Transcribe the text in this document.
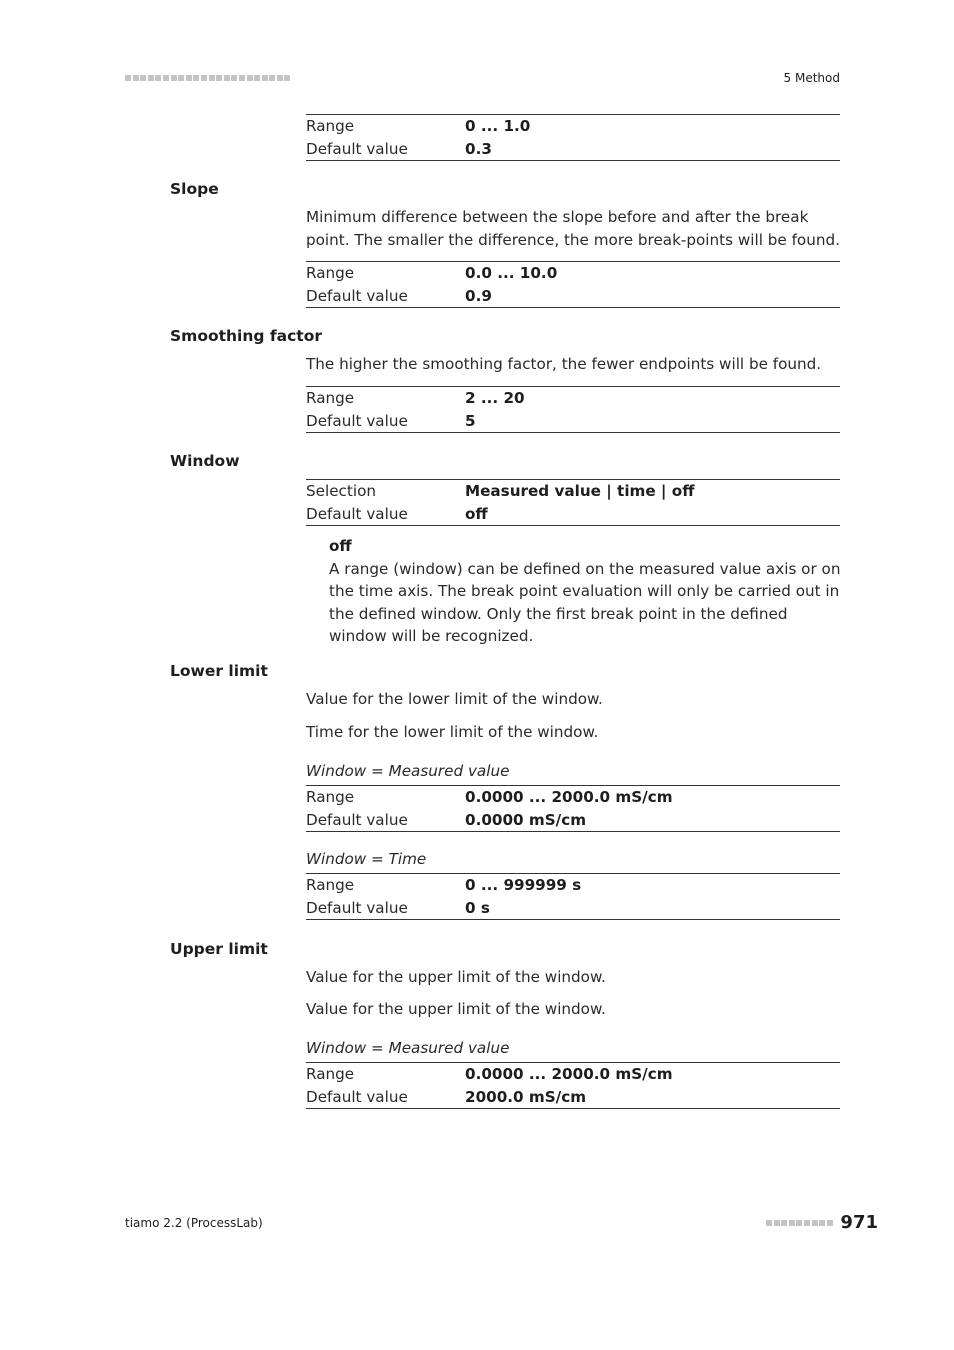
5 Method
Range	0 ... 1.0
Default value	0.3
Slope
Minimum difference between the slope before and after the break point. The smaller the difference, the more break-points will be found.
Range	0.0 ... 10.0
Default value	0.9
Smoothing factor
The higher the smoothing factor, the fewer endpoints will be found.
Range	2 ... 20
Default value	5
Window
Selection	Measured value | time | off
Default value	off
off
A range (window) can be defined on the measured value axis or on the time axis. The break point evaluation will only be carried out in the defined window. Only the first break point in the defined window will be recognized.
Lower limit
Value for the lower limit of the window.
Time for the lower limit of the window.
Window = Measured value
Range	0.0000 ... 2000.0 mS/cm
Default value	0.0000 mS/cm
Window = Time
Range	0 ... 999999 s
Default value	0 s
Upper limit
Value for the upper limit of the window.
Value for the upper limit of the window.
Window = Measured value
Range	0.0000 ... 2000.0 mS/cm
Default value	2000.0 mS/cm
tiamo 2.2 (ProcessLab)	971
